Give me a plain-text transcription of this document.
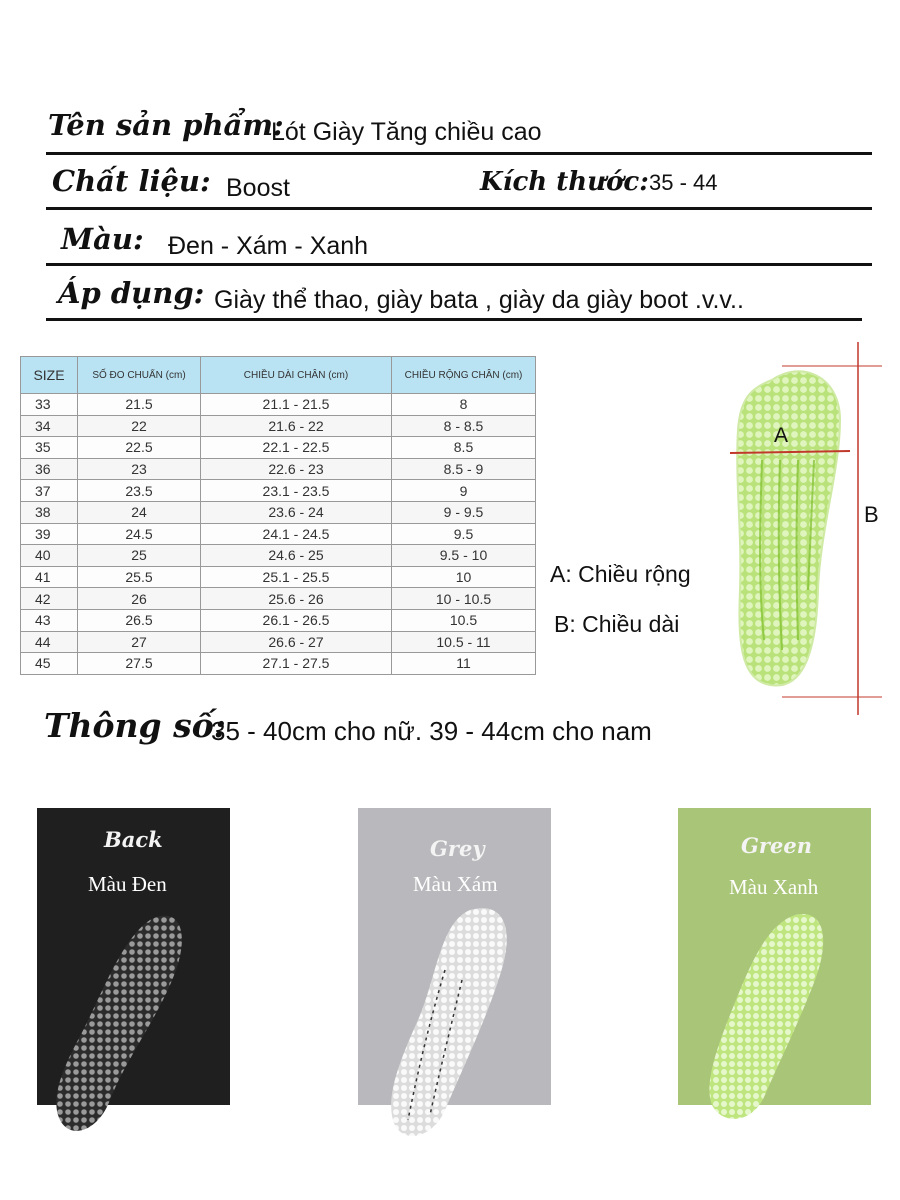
Tên sản phẩm:
Lót Giày Tăng chiều cao
Chất liệu: Boost	Kích thước: 35 - 44
Màu: Đen - Xám - Xanh
Áp dụng: Giày thể thao, giày bata , giày da giày boot .v.v..
SIZE	SỐ ĐO CHUẨN (cm)	CHIỀU DÀI CHÂN (cm)	CHIỀU RỘNG CHÂN (cm)
33	21.5	21.1 - 21.5	8
34	22	21.6 - 22	8 - 8.5
35	22.5	22.1 - 22.5	8.5
36	23	22.6 - 23	8.5 - 9
37	23.5	23.1 - 23.5	9
38	24	23.6 - 24	9 - 9.5
39	24.5	24.1 - 24.5	9.5
40	25	24.6 - 25	9.5 - 10
41	25.5	25.1 - 25.5	10
42	26	25.6 - 26	10 - 10.5
43	26.5	26.1 - 26.5	10.5
44	27	26.6 - 27	10.5 - 11
45	27.5	27.1 - 27.5	11
A
B
A: Chiều rộng
B: Chiều dài
Thông số:
35 - 40cm cho nữ. 39 - 44cm cho nam
Back
Màu Đen
Grey
Màu Xám
Green
Màu Xanh
